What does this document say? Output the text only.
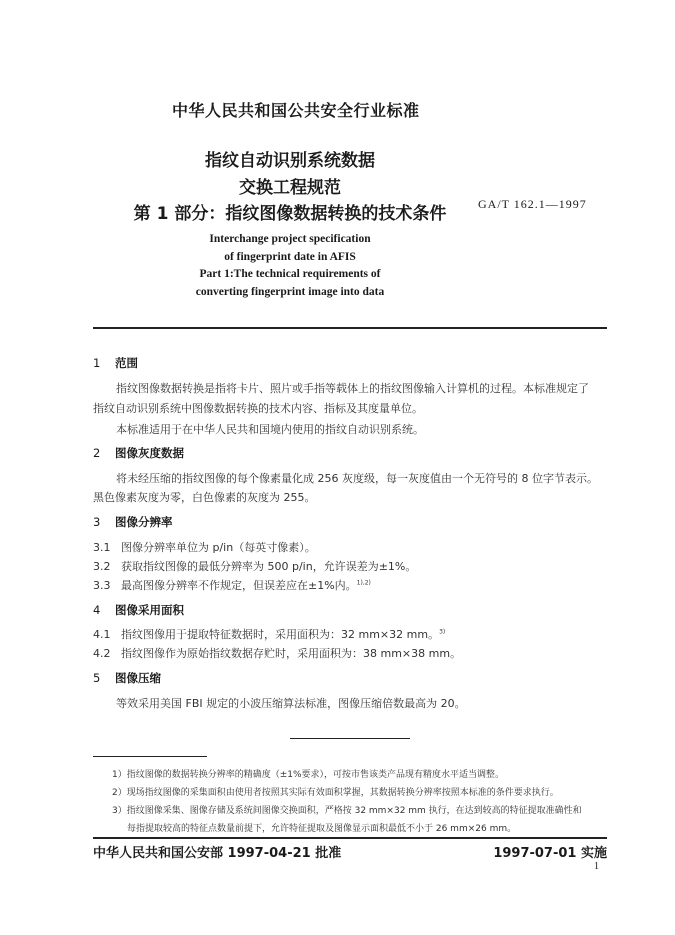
中华人民共和国公共安全行业标准
指纹自动识别系统数据
交换工程规范
第 1 部分：指纹图像数据转换的技术条件	GA/T 162.1—1997
Interchange project specification
of fingerprint date in AFIS
Part 1:The technical requirements of
converting fingerprint image into data
1 范围
指纹图像数据转换是指将卡片、照片或手指等载体上的指纹图像输入计算机的过程。本标准规定了
指纹自动识别系统中图像数据转换的技术内容、指标及其度量单位。
本标准适用于在中华人民共和国境内使用的指纹自动识别系统。
2 图像灰度数据
将未经压缩的指纹图像的每个像素量化成 256 灰度级，每一灰度值由一个无符号的 8 位字节表示。
黑色像素灰度为零，白色像素的灰度为 255。
3 图像分辨率
3.1 图像分辨率单位为 p/in（每英寸像素）。
3.2 获取指纹图像的最低分辨率为 500 p/in，允许误差为±1%。
3.3 最高图像分辨率不作规定，但误差应在±1%内。$^{1),2)}$
4 图像采用面积
4.1 指纹图像用于提取特征数据时，采用面积为：32 mm×32 mm。$^{3)}$
4.2 指纹图像作为原始指纹数据存贮时，采用面积为：38 mm×38 mm。
5 图像压缩
等效采用美国 FBI 规定的小波压缩算法标准，图像压缩倍数最高为 20。
1）指纹图像的数据转换分辨率的精确度（±1%要求），可按市售该类产品现有精度水平适当调整。
2）现场指纹图像的采集面积由使用者按照其实际有效面积掌握，其数据转换分辨率按照本标准的条件要求执行。
3）指纹图像采集、图像存储及系统间图像交换面积，严格按 32 mm×32 mm 执行，在达到较高的特征提取准确性和
每指提取较高的特征点数量前提下，允许特征提取及图像显示面积最低不小于 26 mm×26 mm。
中华人民共和国公安部 1997-04-21 批准	1997-07-01 实施
1
